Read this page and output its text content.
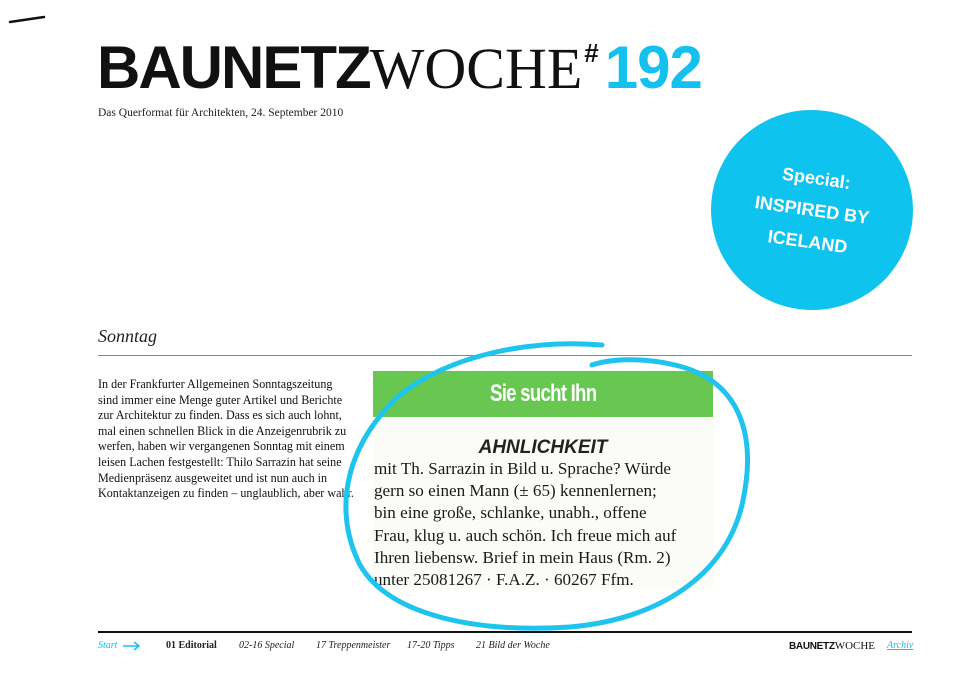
BAUNETZWOCHE# 192
Das Querformat für Architekten, 24. September 2010
Special:
INSPIRED BY
ICELAND
Sonntag
In der Frankfurter Allgemeinen Sonntagszeitung
sind immer eine Menge guter Artikel und Berichte
zur Architektur zu finden. Dass es sich auch lohnt,
mal einen schnellen Blick in die Anzeigenrubrik zu
werfen, haben wir vergangenen Sonntag mit einem
leisen Lachen festgestellt: Thilo Sarrazin hat seine
Medienpräsenz ausgeweitet und ist nun auch in
Kontaktanzeigen zu finden – unglaublich, aber wahr.
Sie sucht Ihn
AHNLICHKEIT
mit Th. Sarrazin in Bild u. Sprache? Würde
gern so einen Mann (± 65) kennenlernen;
bin eine große, schlanke, unabh., offene
Frau, klug u. auch schön. Ich freue mich auf
Ihren liebensw. Brief in mein Haus (Rm. 2)
unter 25081267 · F.A.Z. · 60267 Ffm.
Start	01 Editorial 02-16 Special 17 Treppenmeister 17-20 Tipps 21 Bild der Woche	BAUNETZWOCHE Archiv
